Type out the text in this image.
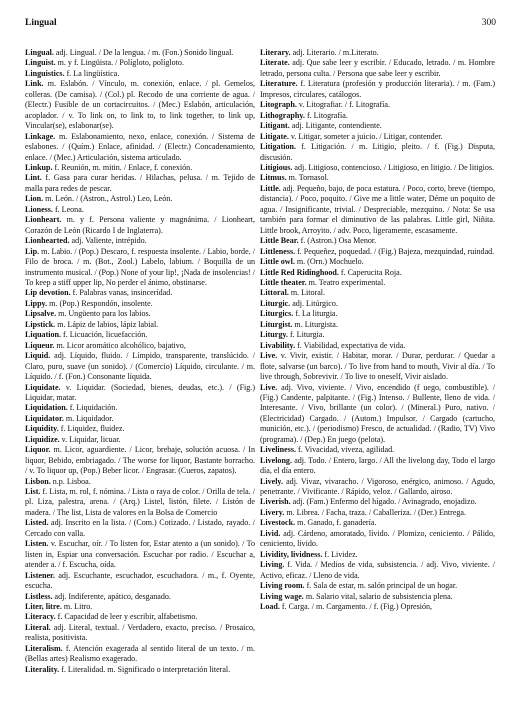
Lingual	300

Lingual. adj. Lingual. / De la lengua. / m. (Fon.) Sonido lingual.

Linguist. m. y f. Lingüista. / Polígloto, polígloto.

Linguistics. f. La lingüística.

Link. m. Eslabón. / Vínculo, m. conexión, enlace. / pl. Gemelos, colleras. (De camisa). / (Col.) pl. Recodo de una corriente de agua. / (Electr.) Fusible de un cortacircuitos. / (Mec.) Eslabón, articulación, acoplador. / v. To link on, to link to, to link together, to link up, Vincular(se), eslabonar(se).

Linkage. m. Eslabonamiento, nexo, enlace, conexión. / Sistema de eslabones. / (Quím.) Enlace, afinidad. / (Electr.) Concadenamiento, enlace. / (Mec.) Articulación, sistema articulado.

Linkup. f. Reunión, m. mitin. / Enlace, f. conexión.

Lint. f. Gasa para curar heridas. / Hilachas, pelusa. / m. Tejido de malla para redes de pescar.

Lion. m. León. / (Astron., Astrol.) Leo, León.

Lioness. f. Leona.

Lionheart. m. y f. Persona valiente y magnánima. / Lionheart, Corazón de León (Ricardo I de Inglaterra).

Lionhearted. adj. Valiente, intrépido.

Lip. m. Labio. / (Pop.) Descaro, f. respuesta insolente. / Labio, borde. / Filo de broca. / m. (Bot., Zool.) Labelo, labium. / Boquilla de un instrumento musical. / (Pop.) None of your lip!, ¡Nada de insolencias! / To keep a stiff upper lip, No perder el ánimo, obstinarse.

Lip devotion. f. Palabras vanas, insincerídad.

Lippy. m. (Pop.) Respondón, insolente.

Lipsalve. m. Ungüento para los labios.

Lipstick. m. Lápiz de labios, lápiz labial.

Liquation. f. Licuación, licuefacción.

Liqueur. m. Licor aromático alcohólico, bajativo,

Liquid. adj. Líquido, fluido. / Límpido, transparente, translúcido. / Claro, puro, suave (un sonido). / (Comercio) Líquido, circulante. / m. Líquido. / f. (Fon.) Consonante líquida.

Liquidate. v. Liquidar. (Sociedad, bienes, deudas, etc.). / (Fig.) Liquidar, matar.

Liquidation. f. Liquidación.

Liquidator. m. Liquidador.

Liquidity. f. Liquidez, fluidez.

Liquidize. v. Liquidar, licuar.

Liquor. m. Licor, aguardiente. / Licor, brebaje, solución acuosa. / In liquor, Bebido, embriagado. / The worse for liquor, Bastante borracho. / v. To liquor up, (Pop.) Beber licor. / Engrasar. (Cueros, zapatos).

Lisbon. n.p. Lisboa.

List. f. Lista, m. rol, f. nómina. / Lista o raya de color. / Orilla de tela. / pl. Liza, palestra, arena. / (Arq.) Listel, listón, filete. / Listón de madera. / The list, Lista de valores en la Bolsa de Comercio

Listed. adj. Inscrito en la lista. / (Com.) Cotizado. / Listado, rayado. / Cercado con valla.

Listen. v. Escuchar, oír. / To listen for, Estar atento a (un sonido). / To listen in, Espiar una conversación. Escuchar por radio. / Escuchar a, atender a. / f. Escucha, oída.

Listener. adj. Escuchante, escuchador, escuchadora. / m., f. Oyente, escucha.

Listless. adj. Indiferente, apático, desganado.

Liter, litre. m. Litro.

Literacy. f. Capacidad de leer y escribir, alfabetismo.

Literal. adj. Literal, textual. / Verdadero, exacto, preciso. / Prosaico, realista, positivista.

Literalism. f. Atención exagerada al sentido literal de un texto. / m. (Bellas artes) Realismo exagerado.

Literality. f. Literalidad. m. Significado o interpretación literal.

Literary. adj. Literario. / m.Literato.

Literate. adj. Que sabe leer y escribir. / Educado, letrado. / m. Hombre letrado, persona culta. / Persona que sabe leer y escribir.

Literature. f. Literatura (profesión y producción literaria). / m. (Fam.) Impresos, circulares, catálogos.

Litograph. v. Litografiar. / f. Litografía.

Lithography. f. Litografía.

Litigant. adj. Litigante, contendiente.

Litigate. v. Litigar, someter a juicio. / Litigar, contender.

Litigation. f. Litigación. / m. Litigio, pleito. / f. (Fig.) Disputa, discusión.

Litigious. adj. Litigioso, contencioso. / Litigioso, en litigio. / De litigios.

Litmus. m. Tornasol.

Little. adj. Pequeño, bajo, de poca estatura. / Poco, corto, breve (tiempo, distancia). / Poco, poquito. / Give me a little water, Déme un poquito de agua. / Insignificante, trivial. / Despreciable, mezquino. / Nota: Se usa también para formar el diminutivo de las palabras. Little girl, Niñita. Little brook, Arroyito. / adv. Poco, ligeramente, escasamente.

Little Bear. f. (Astron.) Osa Menor.

Littleness. f. Pequeñez, poquedad. / (Fig.) Bajeza, mezquindad, ruindad.

Little owl. m. (Orn.) Mochuelo.

Little Red Ridinghood. f. Caperucita Roja.

Little theater. m. Teatro experimental.

Littoral. m. Litoral.

Liturgic. adj. Litúrgico.

Liturgics. f. La liturgia.

Liturgist. m. Liturgista.

Liturgy. f. Liturgia.

Livability. f. Viabilidad, expectativa de vida.

Live. v. Vivir, existir. / Habitar, morar. / Durar, perdurar. / Quedar a flote, salvarse (un barco). / To live from hand to mouth, Vivir al día. / To live through, Sobrevivir. / To live to oneself, Vivir aislado.

Live. adj. Vivo, viviente. / Vivo, encendido (f uego, combustible). / (Fig.) Candente, palpitante. / (Fig.) Intenso. / Bullente, lleno de vida. / Interesante. / Vivo, brillante (un color). / (Mineral.) Puro, nativo. / (Electricidad) Cargado. / (Autom.) Impulsor. / Cargado (cartucho, munición, etc.). / (periodismo) Fresco, de actualidad. / (Radio, TV) Vivo (programa). / (Dep.) En juego (pelota).

Liveliness. f. Vivacidad, viveza, agilidad.

Livelong. adj. Todo. / Entero, largo. / All the livelong day, Todo el largo día, el día entero.

Lively. adj. Vivaz, vivaracho. / Vigoroso, enérgico, animoso. / Agudo, penetrante. / Vivificante. / Rápido, veloz. / Gallardo, airoso.

Liverish. adj. (Fam.) Enfermo del hígado. / Avinagrado, enojadizo.

Livery. m. Librea. / Facha, traza. / Caballeriza. / (Der.) Entrega.

Livestock. m. Ganado, f. ganadería.

Livid. adj. Cárdeno, amoratado, lívido. / Plomizo, ceniciento. / Pálido, ceniciento, lívido.

Lividity, lividness. f. Lividez.

Living. f. Vida. / Medios de vida, subsistencia. / adj. Vivo, viviente. / Activo, eficaz. / Lleno de vida.

Living room. f. Sala de estar, m. salón principal de un hogar.

Living wage. m. Salario vital, salario de subsistencia plena.

Load. f. Carga. / m. Cargamento. / f. (Fig.) Opresión,
